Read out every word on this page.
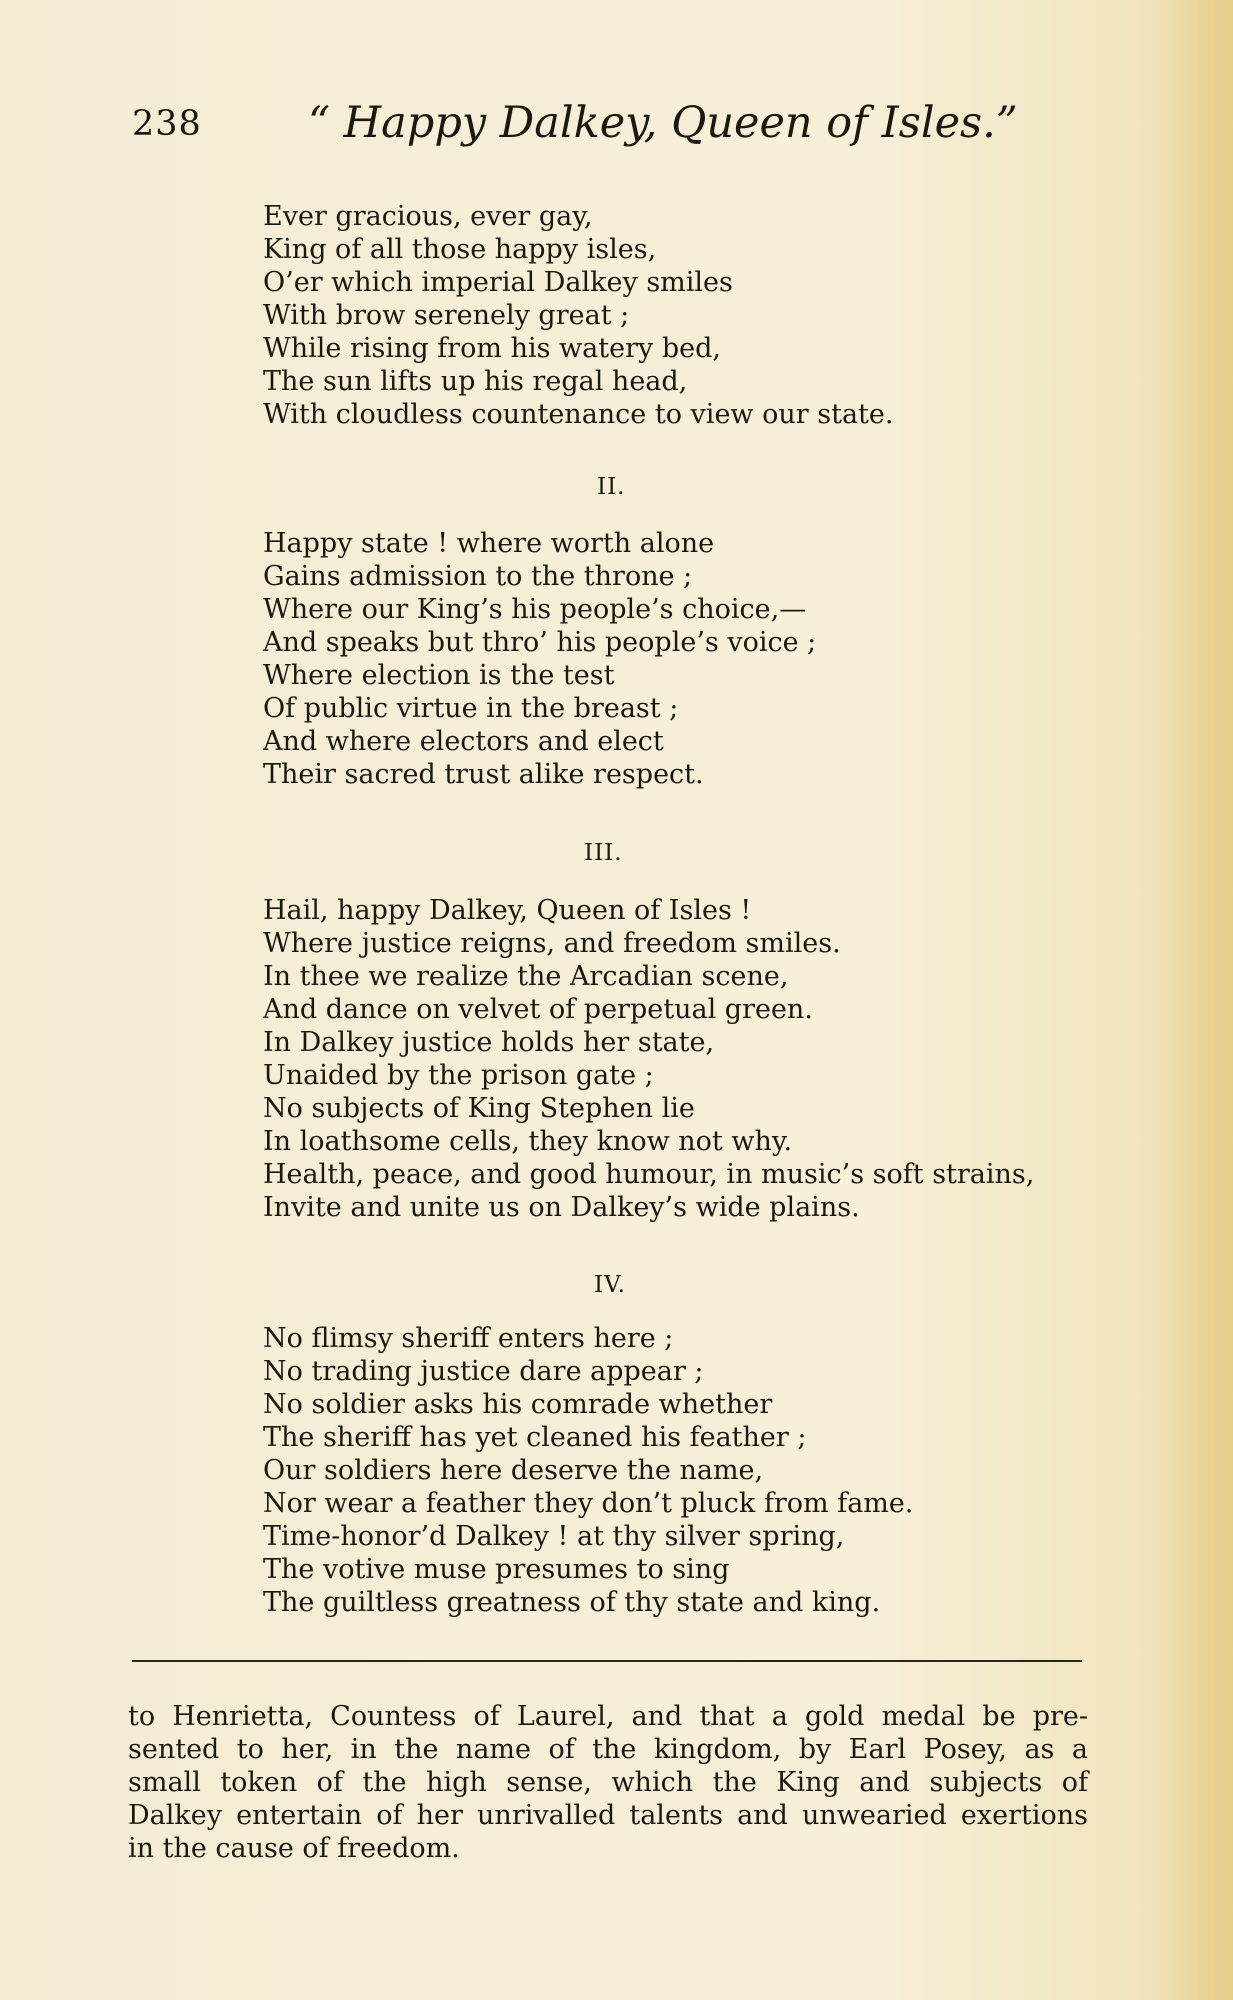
238 “ Happy Dalkey, Queen of Isles.”
Ever gracious, ever gay,
King of all those happy isles,
O’er which imperial Dalkey smiles
With brow serenely great ;
While rising from his watery bed,
The sun lifts up his regal head,
With cloudless countenance to view our state.
II.
Happy state ! where worth alone
Gains admission to the throne ;
Where our King’s his people’s choice,—
And speaks but thro’ his people’s voice ;
Where election is the test
Of public virtue in the breast ;
And where electors and elect
Their sacred trust alike respect.
III.
Hail, happy Dalkey, Queen of Isles !
Where justice reigns, and freedom smiles.
In thee we realize the Arcadian scene,
And dance on velvet of perpetual green.
In Dalkey justice holds her state,
Unaided by the prison gate ;
No subjects of King Stephen lie
In loathsome cells, they know not why.
Health, peace, and good humour, in music’s soft strains,
Invite and unite us on Dalkey’s wide plains.
IV.
No flimsy sheriff enters here ;
No trading justice dare appear ;
No soldier asks his comrade whether
The sheriff has yet cleaned his feather ;
Our soldiers here deserve the name,
Nor wear a feather they don’t pluck from fame.
Time-honor’d Dalkey ! at thy silver spring,
The votive muse presumes to sing
The guiltless greatness of thy state and king.
to Henrietta, Countess of Laurel, and that a gold medal be pre-
sented to her, in the name of the kingdom, by Earl Posey, as a
small token of the high sense, which the King and subjects of
Dalkey entertain of her unrivalled talents and unwearied exertions
in the cause of freedom.
